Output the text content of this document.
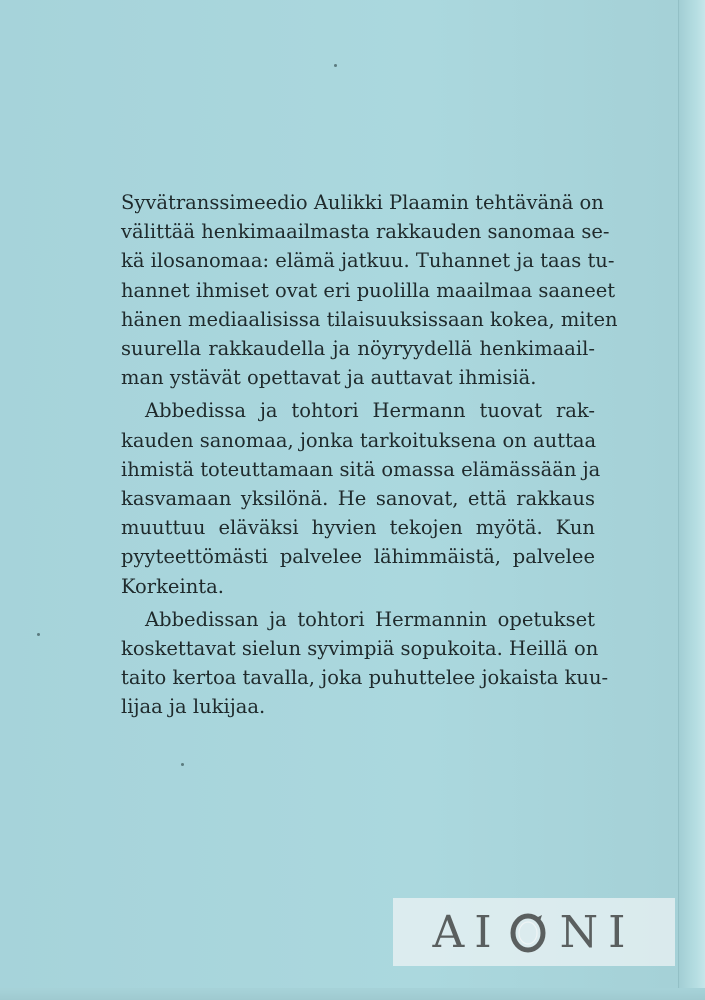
Syvätranssimeedio Aulikki Plaamin tehtävänä on
välittää henkimaailmasta rakkauden sanomaa se-
kä ilosanomaa: elämä jatkuu. Tuhannet ja taas tu-
hannet ihmiset ovat eri puolilla maailmaa saaneet
hänen mediaalisissa tilaisuuksissaan kokea, miten
suurella rakkaudella ja nöyryydellä henkimaail-
man ystävät opettavat ja auttavat ihmisiä.
Abbedissa ja tohtori Hermann tuovat rak-
kauden sanomaa, jonka tarkoituksena on auttaa
ihmistä toteuttamaan sitä omassa elämässään ja
kasvamaan yksilönä. He sanovat, että rakkaus
muuttuu eläväksi hyvien tekojen myötä. Kun
pyyteettömästi palvelee lähimmäistä, palvelee
Korkeinta.
Abbedissan ja tohtori Hermannin opetukset
koskettavat sielun syvimpiä sopukoita. Heillä on
taito kertoa tavalla, joka puhuttelee jokaista kuu-
lijaa ja lukijaa.
AI NI
